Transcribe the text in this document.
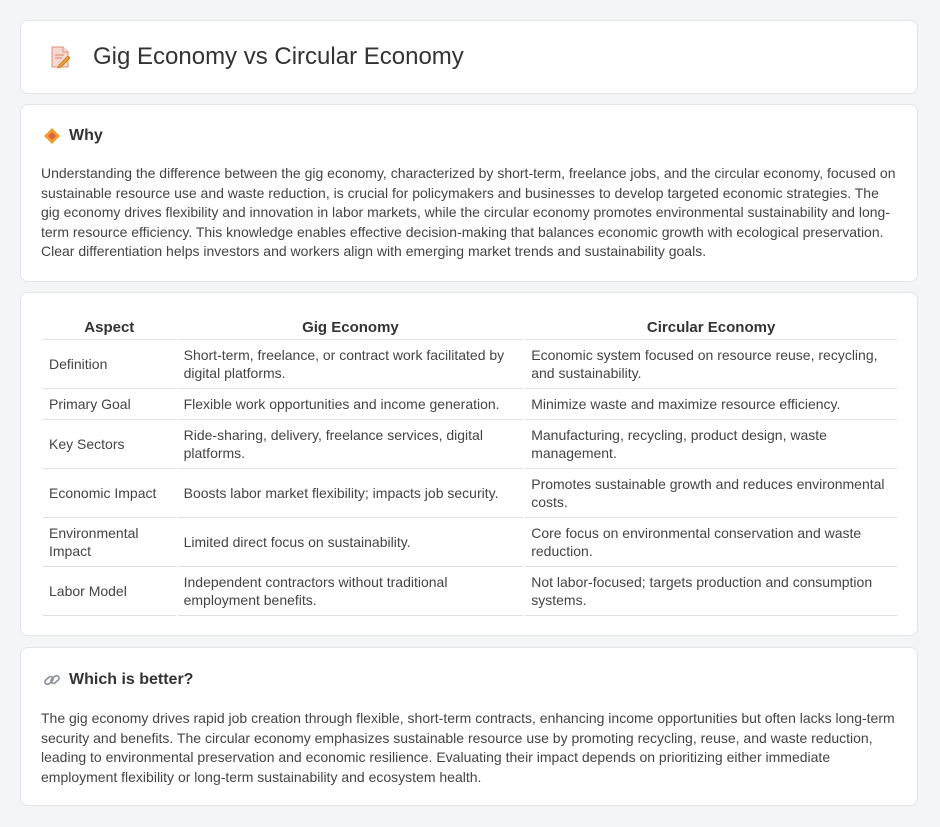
Gig Economy vs Circular Economy
Why

Understanding the difference between the gig economy, characterized by short-term, freelance jobs, and the circular economy, focused on sustainable resource use and waste reduction, is crucial for policymakers and businesses to develop targeted economic strategies. The gig economy drives flexibility and innovation in labor markets, while the circular economy promotes environmental sustainability and long-term resource efficiency. This knowledge enables effective decision-making that balances economic growth with ecological preservation. Clear differentiation helps investors and workers align with emerging market trends and sustainability goals.

Aspect	Gig Economy	Circular Economy
Definition	Short-term, freelance, or contract work facilitated by digital platforms.	Economic system focused on resource reuse, recycling, and sustainability.
Primary Goal	Flexible work opportunities and income generation.	Minimize waste and maximize resource efficiency.
Key Sectors	Ride-sharing, delivery, freelance services, digital platforms.	Manufacturing, recycling, product design, waste management.
Economic Impact	Boosts labor market flexibility; impacts job security.	Promotes sustainable growth and reduces environmental costs.
Environmental Impact	Limited direct focus on sustainability.	Core focus on environmental conservation and waste reduction.
Labor Model	Independent contractors without traditional employment benefits.	Not labor-focused; targets production and consumption systems.
Which is better?

The gig economy drives rapid job creation through flexible, short-term contracts, enhancing income opportunities but often lacks long-term security and benefits. The circular economy emphasizes sustainable resource use by promoting recycling, reuse, and waste reduction, leading to environmental preservation and economic resilience. Evaluating their impact depends on prioritizing either immediate employment flexibility or long-term sustainability and ecosystem health.
